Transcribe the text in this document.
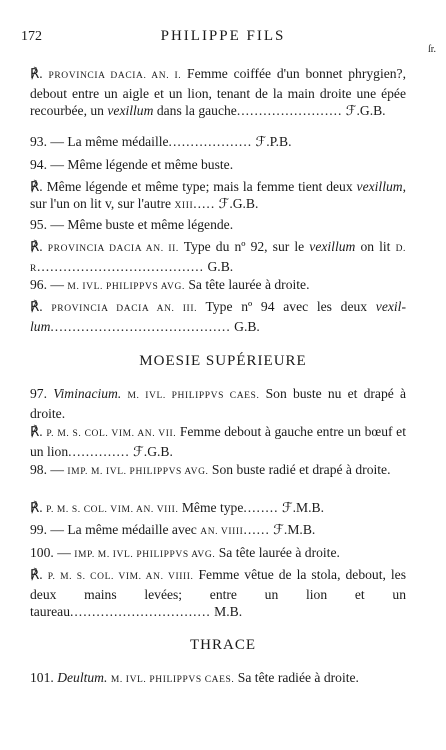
172	PHILIPPE FILS
ſr.
℟. PROVINCIA DACIA. AN. I. Femme coiffée d'un bonnet phrygien?, debout entre un aigle et un lion, tenant de la main droite une épée recourbée, un vexillum dans la gauche........................ ℱ.G.B.
93. — La même médaille................... ℱ.P.B.
94. — Même légende et même buste.
℟. Même légende et même type; mais la femme tient deux vexillum, sur l'un on lit v, sur l'autre XIII..... ℱ.G.B.
95. — Même buste et même légende.
℟. PROVINCIA DACIA AN. II. Type du nº 92, sur le vexillum on lit D. R...................................... G.B.
96. — M. IVL. PHILIPPVS AVG. Sa tête laurée à droite.
℟. PROVINCIA DACIA AN. III. Type nº 94 avec les deux vexil-lum......................................... G.B.
MOESIE SUPÉRIEURE
97. Viminacium. M. IVL. PHILIPPVS CAES. Son buste nu et drapé à droite.
℟. P. M. S. COL. VIM. AN. VII. Femme debout à gauche entre un bœuf et un lion.............. ℱ.G.B.
98. — IMP. M. IVL. PHILIPPVS AVG. Son buste radié et drapé à droite.
℟. P. M. S. COL. VIM. AN. VIII. Même type........ ℱ.M.B.
99. — La même médaille avec AN. VIIII...... ℱ.M.B.
100. — IMP. M. IVL. PHILIPPVS AVG. Sa tête laurée à droite.
℟. P. M. S. COL. VIM. AN. VIIII. Femme vêtue de la stola, debout, les deux mains levées; entre un lion et un taureau................................ M.B.
THRACE
101. Deultum. M. IVL. PHILIPPVS CAES. Sa tête radiée à droite.
